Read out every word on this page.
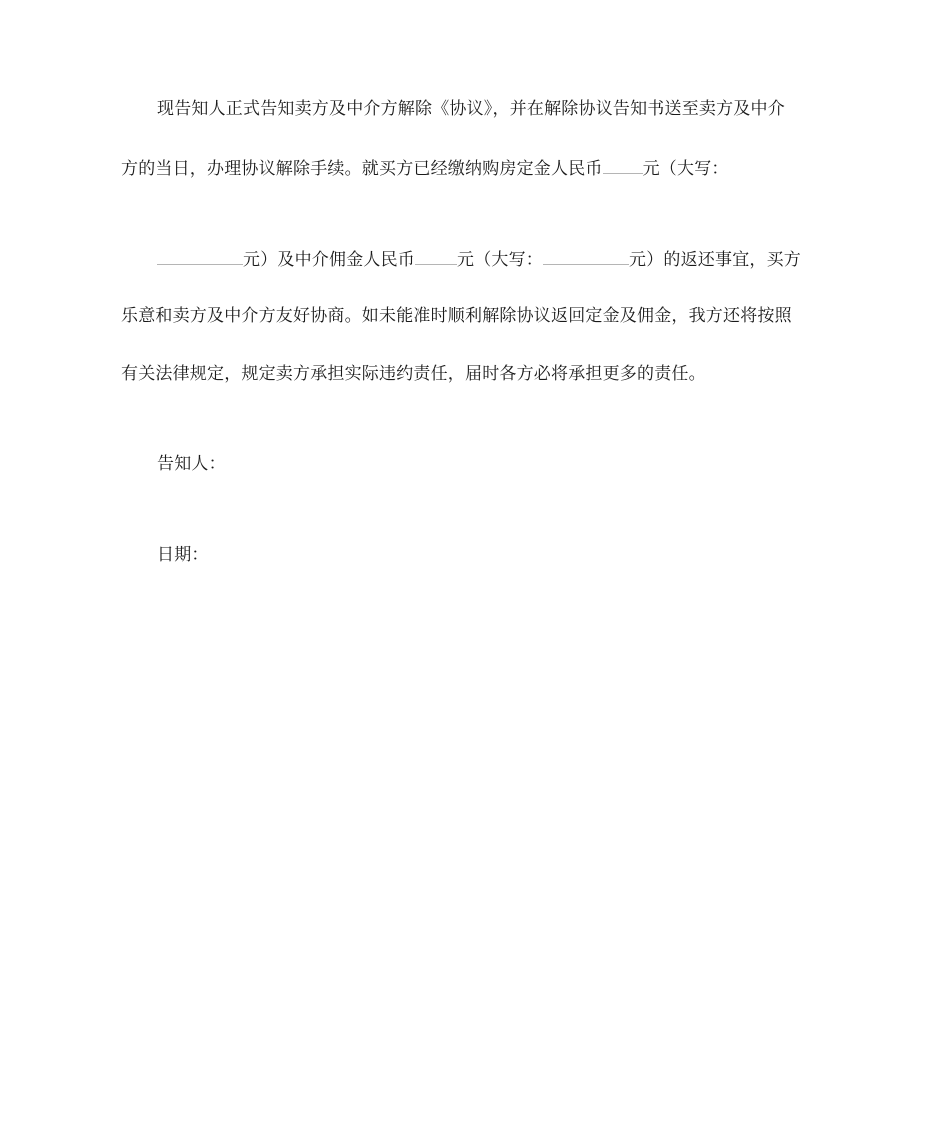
现告知人正式告知卖方及中介方解除《协议》，并在解除协议告知书送至卖方及中介
方的当日，办理协议解除手续。就买方已经缴纳购房定金人民币 元（大写：
元）及中介佣金人民币 元（大写：	元）的返还事宜，买方
乐意和卖方及中介方友好协商。如未能准时顺利解除协议返回定金及佣金，我方还将按照
有关法律规定，规定卖方承担实际违约责任，届时各方必将承担更多的责任。
告知人：
日期：
